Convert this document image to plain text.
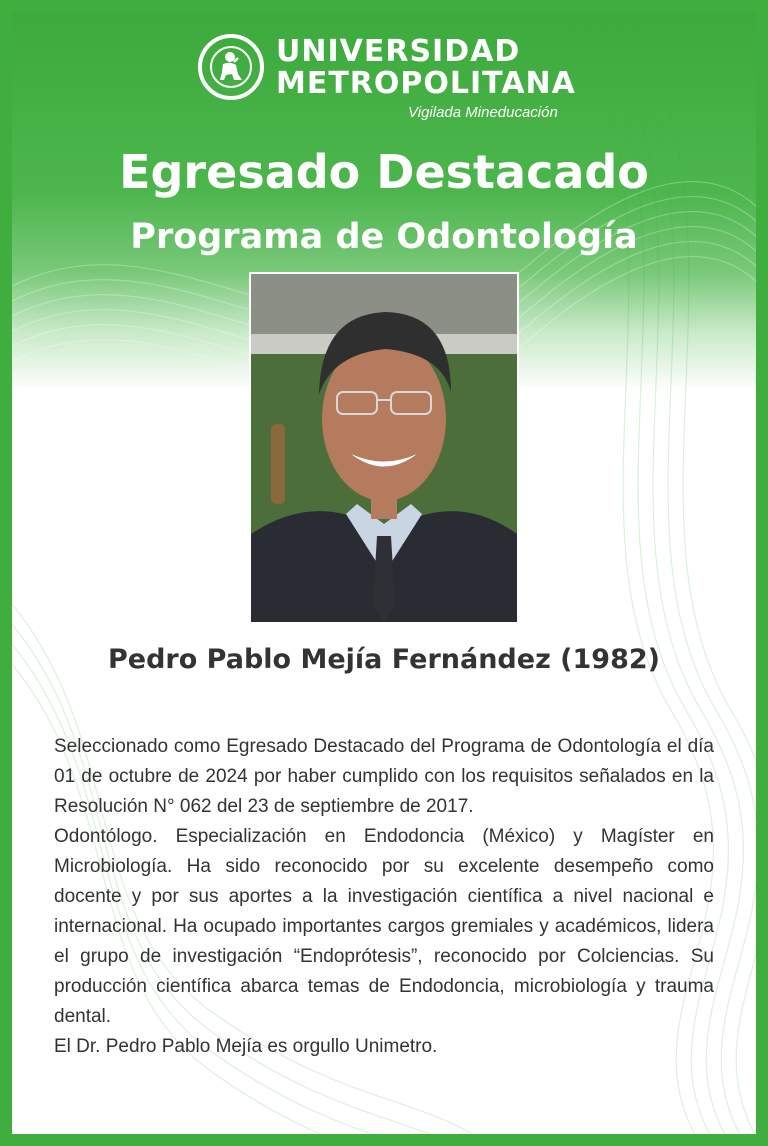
UNIVERSIDAD
METROPOLITANA
Vigilada Mineducación
Egresado Destacado
Programa de Odontología
Pedro Pablo Mejía Fernández (1982)

Seleccionado como Egresado Destacado del Programa de Odontología el día 01 de octubre de 2024 por haber cumplido con los requisitos señalados en la Resolución N° 062 del 23 de septiembre de 2017.

Odontólogo. Especialización en Endodoncia (México) y Magíster en Microbiología. Ha sido reconocido por su excelente desempeño como docente y por sus aportes a la investigación científica a nivel nacional e internacional. Ha ocupado importantes cargos gremiales y académicos, lidera el grupo de investigación “Endoprótesis”, reconocido por Colciencias. Su producción científica abarca temas de Endodoncia, microbiología y trauma dental.

El Dr. Pedro Pablo Mejía es orgullo Unimetro.
